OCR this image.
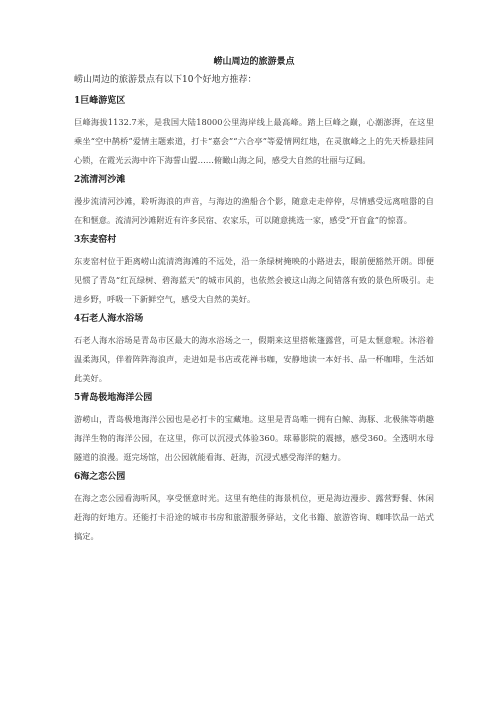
崂山周边的旅游景点

崂山周边的旅游景点有以下10个好地方推荐：

1巨峰游览区

巨峰海拔1132.7米，是我国大陆18000公里海岸线上最高峰。踏上巨峰之巅，心潮澎湃，在这里乘坐“空中鹊桥”爱情主题索道，打卡“嘉会”“六合亭”等爱情网红地，在灵旗峰之上的先天桥悬挂同心锁，在霞光云海中许下海誓山盟……俯瞰山海之间，感受大自然的壮丽与辽阔。

2流清河沙滩

漫步流清河沙滩，聆听海浪的声音，与海边的渔船合个影，随意走走停停，尽情感受远离喧嚣的自在和惬意。流清河沙滩附近有许多民宿、农家乐，可以随意挑选一家，感受“开盲盒”的惊喜。

3东麦窑村

东麦窑村位于距离崂山流清湾海滩的不远处，沿一条绿树掩映的小路进去，眼前便豁然开朗。即便见惯了青岛“红瓦绿树、碧海蓝天”的城市风韵，也依然会被这山海之间错落有致的景色所吸引。走进乡野，呼吸一下新鲜空气，感受大自然的美好。

4石老人海水浴场

石老人海水浴场是青岛市区最大的海水浴场之一，假期来这里搭帐篷露营，可是太惬意啦。沐浴着温柔海风，伴着阵阵海浪声，走进如是书店或花禅书咖，安静地读一本好书、品一杯咖啡，生活如此美好。

5青岛极地海洋公园

游崂山，青岛极地海洋公园也是必打卡的宝藏地。这里是青岛唯一拥有白鲸、海豚、北极熊等萌趣海洋生物的海洋公园，在这里，你可以沉浸式体验360。球幕影院的震撼，感受360。全透明水母隧道的浪漫。逛完场馆，出公园就能看海、赶海，沉浸式感受海洋的魅力。

6海之恋公园

在海之恋公园看海听风，享受惬意时光。这里有绝佳的海景机位，更是海边漫步、露营野餐、休闲赶海的好地方。还能打卡沿途的城市书房和旅游服务驿站，文化书籍、旅游咨询、咖啡饮品一站式搞定。
